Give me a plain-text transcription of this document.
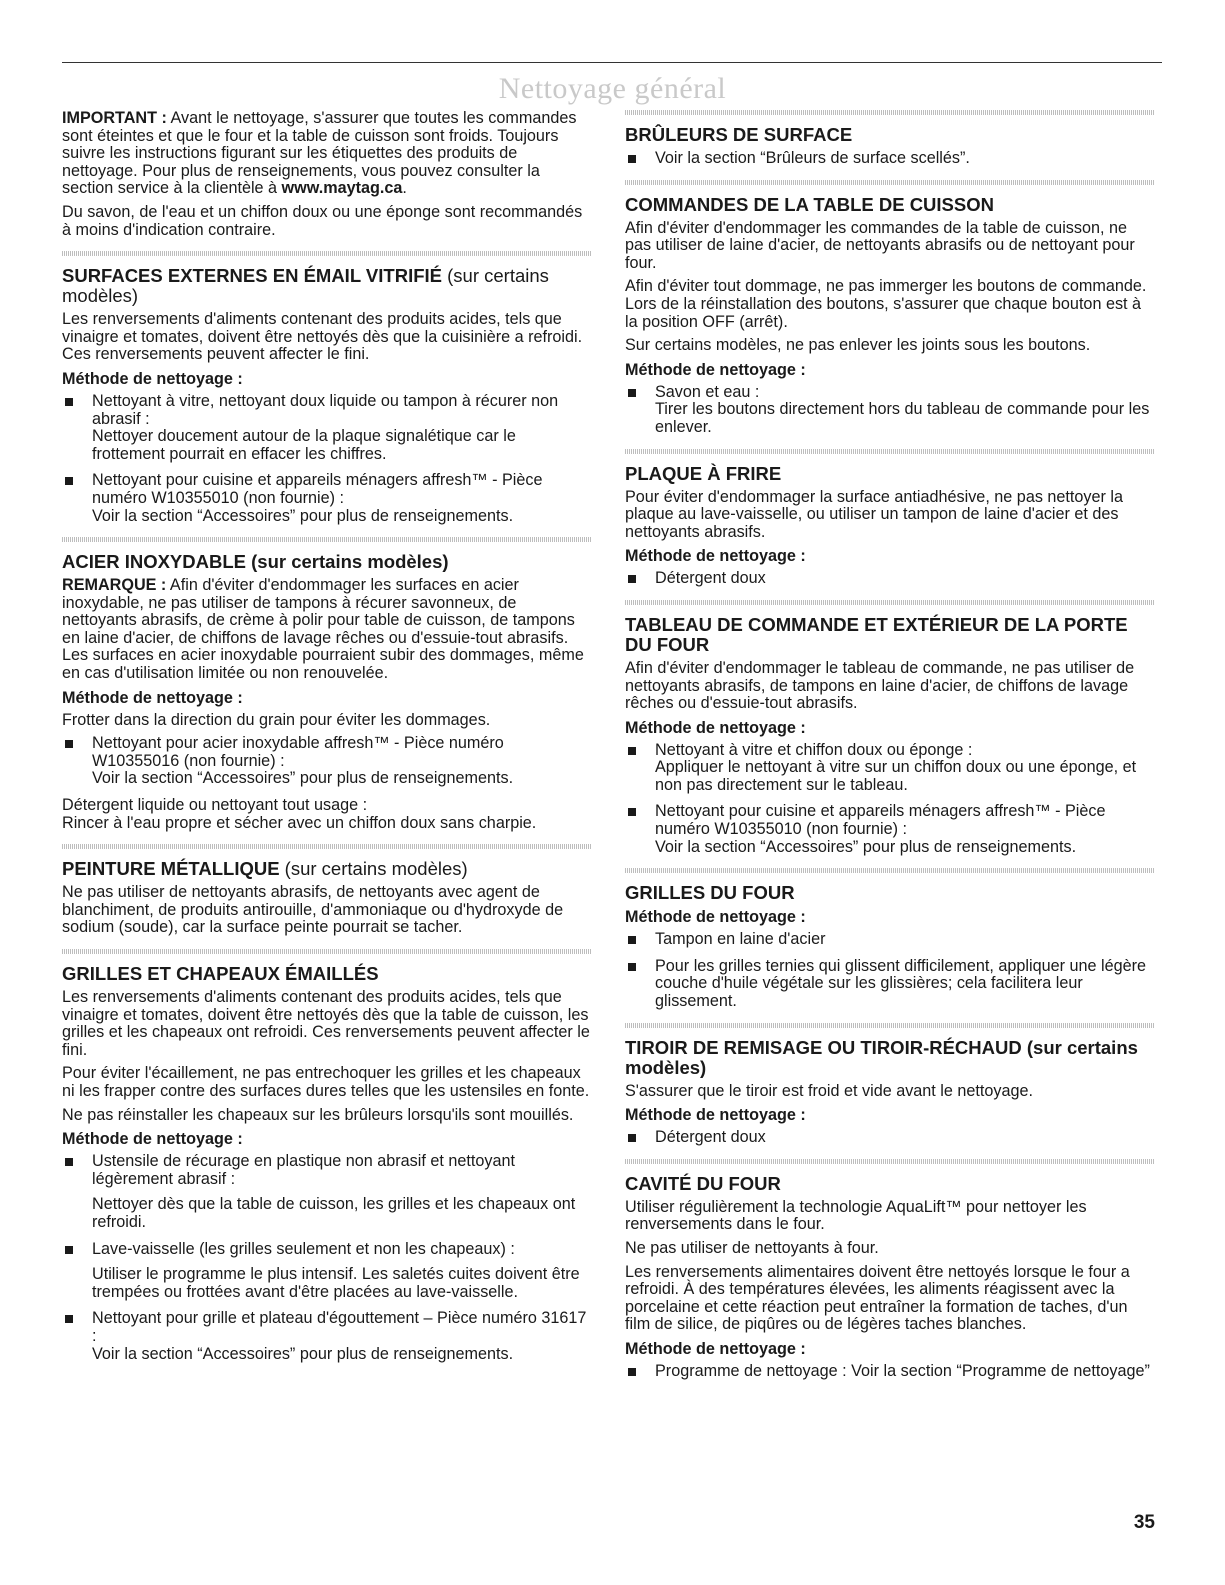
Nettoyage général

IMPORTANT : Avant le nettoyage, s'assurer que toutes les commandes sont éteintes et que le four et la table de cuisson sont froids. Toujours suivre les instructions figurant sur les étiquettes des produits de nettoyage. Pour plus de renseignements, vous pouvez consulter la section service à la clientèle à www.maytag.ca.

Du savon, de l'eau et un chiffon doux ou une éponge sont recommandés à moins d'indication contraire.

SURFACES EXTERNES EN ÉMAIL VITRIFIÉ (sur certains modèles)

Les renversements d'aliments contenant des produits acides, tels que vinaigre et tomates, doivent être nettoyés dès que la cuisinière a refroidi. Ces renversements peuvent affecter le fini.

Méthode de nettoyage :
Nettoyant à vitre, nettoyant doux liquide ou tampon à récurer non abrasif :
Nettoyer doucement autour de la plaque signalétique car le frottement pourrait en effacer les chiffres.
Nettoyant pour cuisine et appareils ménagers affresh™ - Pièce numéro W10355010 (non fournie) :
Voir la section “Accessoires” pour plus de renseignements.
ACIER INOXYDABLE (sur certains modèles)

REMARQUE : Afin d'éviter d'endommager les surfaces en acier inoxydable, ne pas utiliser de tampons à récurer savonneux, de nettoyants abrasifs, de crème à polir pour table de cuisson, de tampons en laine d'acier, de chiffons de lavage rêches ou d'essuie-tout abrasifs. Les surfaces en acier inoxydable pourraient subir des dommages, même en cas d'utilisation limitée ou non renouvelée.

Méthode de nettoyage :

Frotter dans la direction du grain pour éviter les dommages.

Nettoyant pour acier inoxydable affresh™ - Pièce numéro W10355016 (non fournie) :
Voir la section “Accessoires” pour plus de renseignements.

Détergent liquide ou nettoyant tout usage :
Rincer à l'eau propre et sécher avec un chiffon doux sans charpie.

PEINTURE MÉTALLIQUE (sur certains modèles)

Ne pas utiliser de nettoyants abrasifs, de nettoyants avec agent de blanchiment, de produits antirouille, d'ammoniaque ou d'hydroxyde de sodium (soude), car la surface peinte pourrait se tacher.

GRILLES ET CHAPEAUX ÉMAILLÉS

Les renversements d'aliments contenant des produits acides, tels que vinaigre et tomates, doivent être nettoyés dès que la table de cuisson, les grilles et les chapeaux ont refroidi. Ces renversements peuvent affecter le fini.

Pour éviter l'écaillement, ne pas entrechoquer les grilles et les chapeaux ni les frapper contre des surfaces dures telles que les ustensiles en fonte.

Ne pas réinstaller les chapeaux sur les brûleurs lorsqu'ils sont mouillés.

Méthode de nettoyage :
Ustensile de récurage en plastique non abrasif et nettoyant légèrement abrasif :
Nettoyer dès que la table de cuisson, les grilles et les chapeaux ont refroidi.
Lave-vaisselle (les grilles seulement et non les chapeaux) :
Utiliser le programme le plus intensif. Les saletés cuites doivent être trempées ou frottées avant d'être placées au lave-vaisselle.
Nettoyant pour grille et plateau d'égouttement – Pièce numéro 31617 :
Voir la section “Accessoires” pour plus de renseignements.
BRÛLEURS DE SURFACE
Voir la section “Brûleurs de surface scellés”.
COMMANDES DE LA TABLE DE CUISSON

Afin d'éviter d'endommager les commandes de la table de cuisson, ne pas utiliser de laine d'acier, de nettoyants abrasifs ou de nettoyant pour four.

Afin d'éviter tout dommage, ne pas immerger les boutons de commande. Lors de la réinstallation des boutons, s'assurer que chaque bouton est à la position OFF (arrêt).

Sur certains modèles, ne pas enlever les joints sous les boutons.

Méthode de nettoyage :
Savon et eau :
Tirer les boutons directement hors du tableau de commande pour les enlever.
PLAQUE À FRIRE

Pour éviter d'endommager la surface antiadhésive, ne pas nettoyer la plaque au lave-vaisselle, ou utiliser un tampon de laine d'acier et des nettoyants abrasifs.

Méthode de nettoyage :
Détergent doux
TABLEAU DE COMMANDE ET EXTÉRIEUR DE LA PORTE DU FOUR

Afin d'éviter d'endommager le tableau de commande, ne pas utiliser de nettoyants abrasifs, de tampons en laine d'acier, de chiffons de lavage rêches ou d'essuie-tout abrasifs.

Méthode de nettoyage :
Nettoyant à vitre et chiffon doux ou éponge :
Appliquer le nettoyant à vitre sur un chiffon doux ou une éponge, et non pas directement sur le tableau.
Nettoyant pour cuisine et appareils ménagers affresh™ - Pièce numéro W10355010 (non fournie) :
Voir la section “Accessoires” pour plus de renseignements.
GRILLES DU FOUR
Méthode de nettoyage :
Tampon en laine d'acier
Pour les grilles ternies qui glissent difficilement, appliquer une légère couche d'huile végétale sur les glissières; cela facilitera leur glissement.
TIROIR DE REMISAGE OU TIROIR-RÉCHAUD (sur certains modèles)

S'assurer que le tiroir est froid et vide avant le nettoyage.

Méthode de nettoyage :
Détergent doux
CAVITÉ DU FOUR

Utiliser régulièrement la technologie AquaLift™ pour nettoyer les renversements dans le four.

Ne pas utiliser de nettoyants à four.

Les renversements alimentaires doivent être nettoyés lorsque le four a refroidi. À des températures élevées, les aliments réagissent avec la porcelaine et cette réaction peut entraîner la formation de taches, d'un film de silice, de piqûres ou de légères taches blanches.

Méthode de nettoyage :
Programme de nettoyage : Voir la section “Programme de nettoyage”
35
